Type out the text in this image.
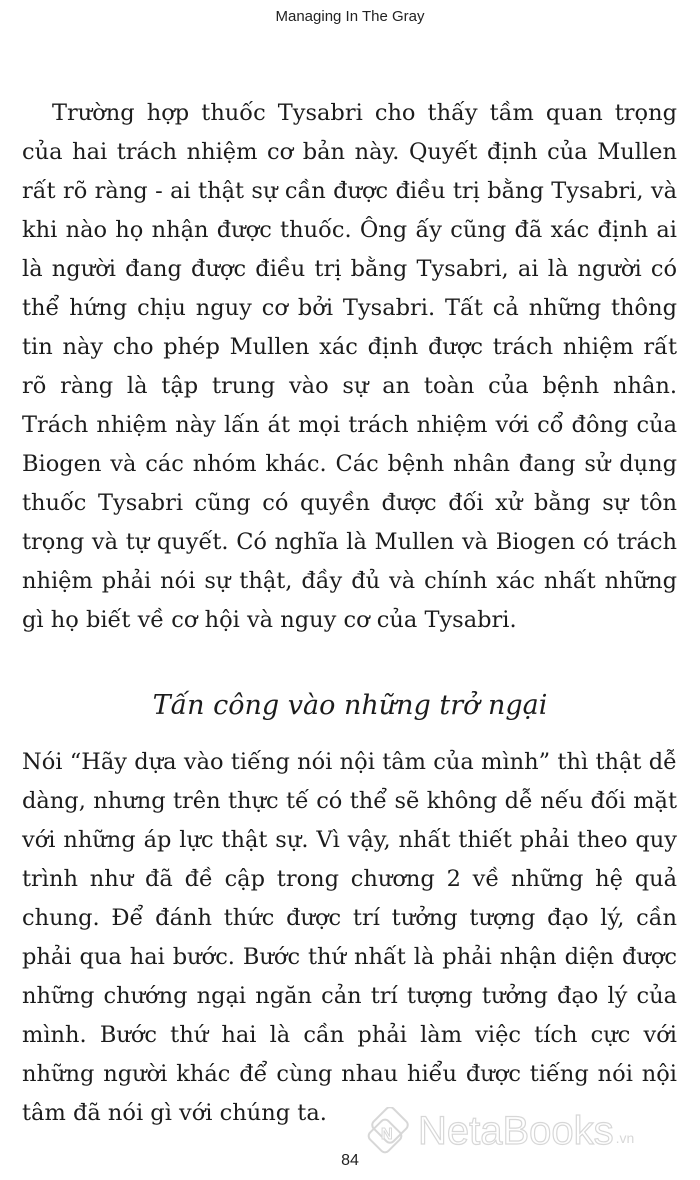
Managing In The Gray

Trường hợp thuốc Tysabri cho thấy tầm quan trọng của hai trách nhiệm cơ bản này. Quyết định của Mullen rất rõ ràng - ai thật sự cần được điều trị bằng Tysabri, và khi nào họ nhận được thuốc. Ông ấy cũng đã xác định ai là người đang được điều trị bằng Tysabri, ai là người có thể hứng chịu nguy cơ bởi Tysabri. Tất cả những thông tin này cho phép Mullen xác định được trách nhiệm rất rõ ràng là tập trung vào sự an toàn của bệnh nhân. Trách nhiệm này lấn át mọi trách nhiệm với cổ đông của Biogen và các nhóm khác. Các bệnh nhân đang sử dụng thuốc Tysabri cũng có quyền được đối xử bằng sự tôn trọng và tự quyết. Có nghĩa là Mullen và Biogen có trách nhiệm phải nói sự thật, đầy đủ và chính xác nhất những gì họ biết về cơ hội và nguy cơ của Tysabri.

Tấn công vào những trở ngại

Nói “Hãy dựa vào tiếng nói nội tâm của mình” thì thật dễ dàng, nhưng trên thực tế có thể sẽ không dễ nếu đối mặt với những áp lực thật sự. Vì vậy, nhất thiết phải theo quy trình như đã đề cập trong chương 2 về những hệ quả chung. Để đánh thức được trí tưởng tượng đạo lý, cần phải qua hai bước. Bước thứ nhất là phải nhận diện được những chướng ngại ngăn cản trí tượng tưởng đạo lý của mình. Bước thứ hai là cần phải làm việc tích cực với những người khác để cùng nhau hiểu được tiếng nói nội tâm đã nói gì với chúng ta.

N NetaBooks .vn
84
